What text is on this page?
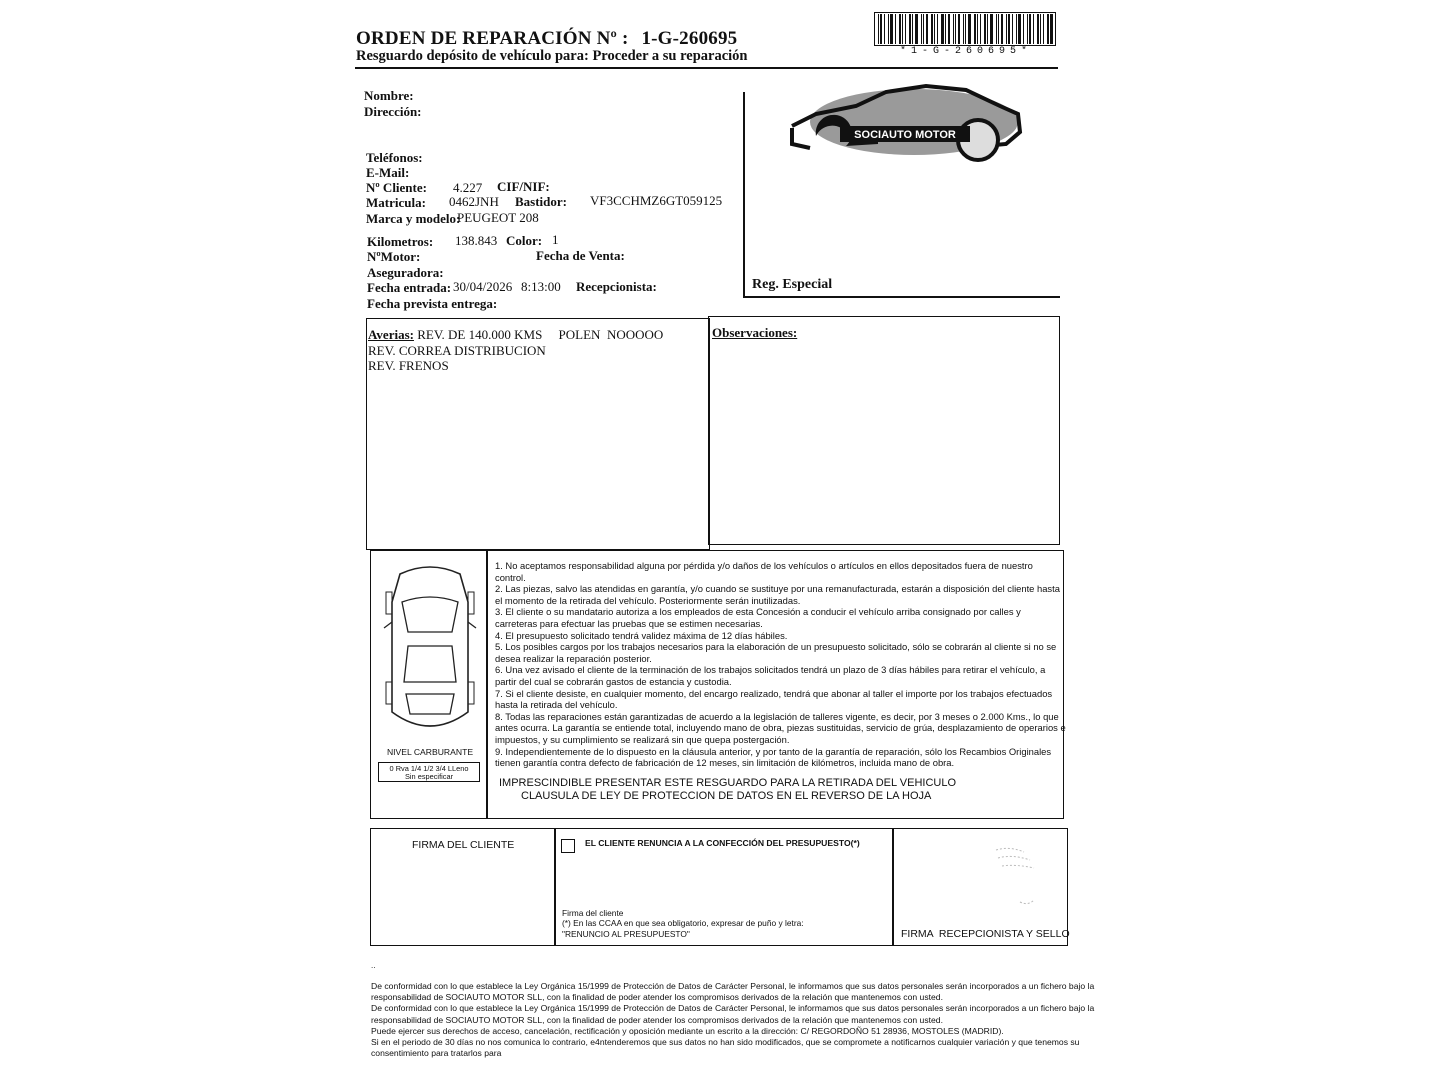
ORDEN DE REPARACIÓN Nº : 1-G-260695
Resguardo depósito de vehículo para: Proceder a su reparación	*1-G-260695*
Nombre:
Dirección:
Teléfonos:
E-Mail:
Nº Cliente: 4.227 CIF/NIF:
Matricula: 0462JNH Bastidor: VF3CCHMZ6GT059125
Marca y modelo:
PEUGEOT 208
Kilometros: 138.843 Color: 1
NºMotor:	Fecha de Venta:
Aseguradora:
Fecha entrada: 30/04/2026 8:13:00 Recepcionista:
Fecha prevista entrega:
Reg. Especial
SOCIAUTO MOTOR
Averias: REV. DE 140.000 KMS     POLEN  NOOOOO
REV. CORREA DISTRIBUCION
REV. FRENOS
Observaciones:
NIVEL CARBURANTE
0 Rva 1/4 1/2 3/4 LLeno
Sin especificar
1. No aceptamos responsabilidad alguna por pérdida y/o daños de los vehículos o artículos en ellos depositados fuera de nuestro
control.
2. Las piezas, salvo las atendidas en garantía, y/o cuando se sustituye por una remanufacturada, estarán a disposición del cliente hasta
el momento de la retirada del vehículo. Posteriormente serán inutilizadas.
3. El cliente o su mandatario autoriza a los empleados de esta Concesión a conducir el vehículo arriba consignado por calles y
carreteras para efectuar las pruebas que se estimen necesarias.
4. El presupuesto solicitado tendrá validez máxima de 12 días hábiles.
5. Los posibles cargos por los trabajos necesarios para la elaboración de un presupuesto solicitado, sólo se cobrarán al cliente si no se
desea realizar la reparación posterior.
6. Una vez avisado el cliente de la terminación de los trabajos solicitados tendrá un plazo de 3 días hábiles para retirar el vehículo, a
partir del cual se cobrarán gastos de estancia y custodia.
7. Si el cliente desiste, en cualquier momento, del encargo realizado, tendrá que abonar al taller el importe por los trabajos efectuados
hasta la retirada del vehículo.
8. Todas las reparaciones están garantizadas de acuerdo a la legislación de talleres vigente, es decir, por 3 meses o 2.000 Kms., lo que
antes ocurra. La garantía se entiende total, incluyendo mano de obra, piezas sustituidas, servicio de grúa, desplazamiento de operarios e
impuestos, y su cumplimiento se realizará sin que quepa postergación.
9. Independientemente de lo dispuesto en la cláusula anterior, y por tanto de la garantía de reparación, sólo los Recambios Originales
tienen garantía contra defecto de fabricación de 12 meses, sin limitación de kilómetros, incluida mano de obra.
IMPRESCINDIBLE PRESENTAR ESTE RESGUARDO PARA LA RETIRADA DEL VEHICULO
CLAUSULA DE LEY DE PROTECCION DE DATOS EN EL REVERSO DE LA HOJA
FIRMA DEL CLIENTE	EL CLIENTE RENUNCIA A LA CONFECCIÓN DEL PRESUPUESTO(*)
Firma del cliente
(*) En las CCAA en que sea obligatorio, expresar de puño y letra:
"RENUNCIO AL PRESUPUESTO"	FIRMA  RECEPCIONISTA Y SELLO
..
De conformidad con lo que establece la Ley Orgánica 15/1999 de Protección de Datos de Carácter Personal, le informamos que sus datos personales serán incorporados a un fichero bajo la
responsabilidad de SOCIAUTO MOTOR SLL, con la finalidad de poder atender los compromisos derivados de la relación que mantenemos con usted.
De conformidad con lo que establece la Ley Orgánica 15/1999 de Protección de Datos de Carácter Personal, le informamos que sus datos personales serán incorporados a un fichero bajo la
responsabilidad de SOCIAUTO MOTOR SLL, con la finalidad de poder atender los compromisos derivados de la relación que mantenemos con usted.
Puede ejercer sus derechos de acceso, cancelación, rectificación y oposición mediante un escrito a la dirección: C/ REGORDOÑO 51 28936, MOSTOLES (MADRID).
Si en el periodo de 30 días no nos comunica lo contrario, e4ntenderemos que sus datos no han sido modificados, que se compromete a notificarnos cualquier variación y que tenemos su
consentimiento para tratarlos para
